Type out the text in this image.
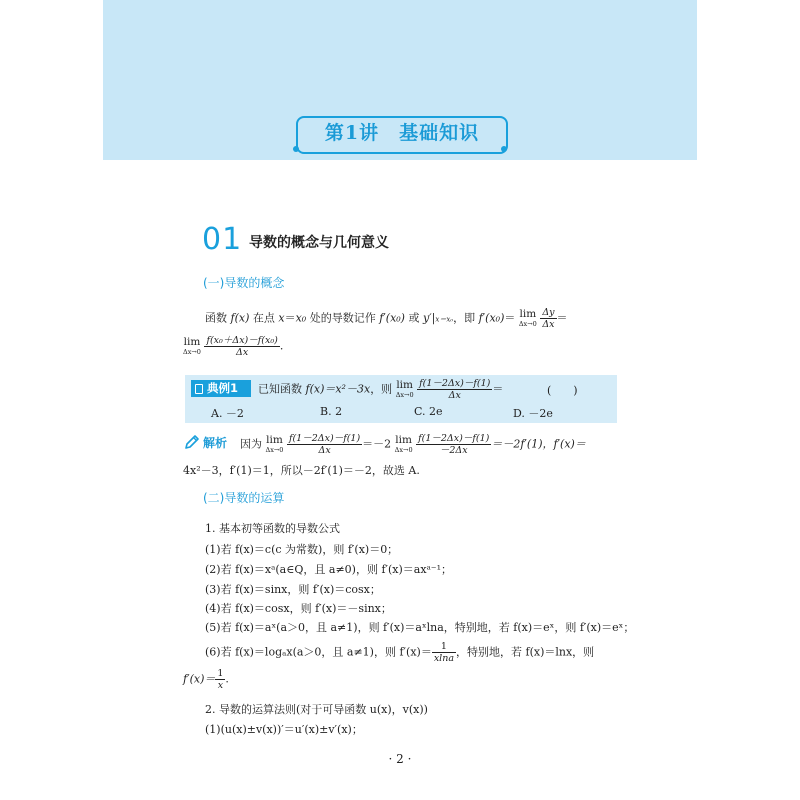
第1讲　基础知识
01 导数的概念与几何意义
(一)导数的概念
函数 f(x) 在点 x＝x₀ 处的导数记作 f′(x₀) 或 y′|x＝x₀，即 f′(x₀)＝ lim
Δx→0
$\frac{\Delta y}{\Delta x}$ ＝
lim
Δx→0
$\frac{\text{f(x₀＋Δx)－f(x₀)}}{\Delta x}$ .
典例1	已知函数 f(x)＝x²－3x，则 lim
Δx→0
$\frac{f(1-2\Delta x)-f(1)}{\Delta x}$ ＝	(　　)
A. －2	B. 2	C. 2e	D. －2e
解析 因为 lim
Δx→0
$\frac{f(1-2\Delta x)-f(1)}{\Delta x} =-2$ lim
Δx→0
$\frac{f(1-2\Delta x)-f(1)}{-2\Delta x} =-2f'(1)$，f′(x)＝
4x²－3，f′(1)＝1，所以－2f′(1)＝－2，故选 A.
(二)导数的运算
1. 基本初等函数的导数公式
(1)若 f(x)＝c(c 为常数)，则 f′(x)＝0；
(2)若 f(x)＝xᵃ(a∈Q，且 a≠0)，则 f′(x)＝axᵃ⁻¹；
(3)若 f(x)＝sinx，则 f′(x)＝cosx；
(4)若 f(x)＝cosx，则 f′(x)＝－sinx；
(5)若 f(x)＝aˣ(a＞0，且 a≠1)，则 f′(x)＝aˣlna，特别地，若 f(x)＝eˣ，则 f′(x)＝eˣ；
(6)若 f(x)＝logₐx(a＞0，且 a≠1)，则 $f'(x)= \frac{1}{xlna}$ ，特别地，若 f(x)＝lnx，则
$f'(x)= \frac{1}{x}$ .
2. 导数的运算法则(对于可导函数 u(x)，v(x))
(1)(u(x)±v(x))′＝u′(x)±v′(x)；
· 2 ·
